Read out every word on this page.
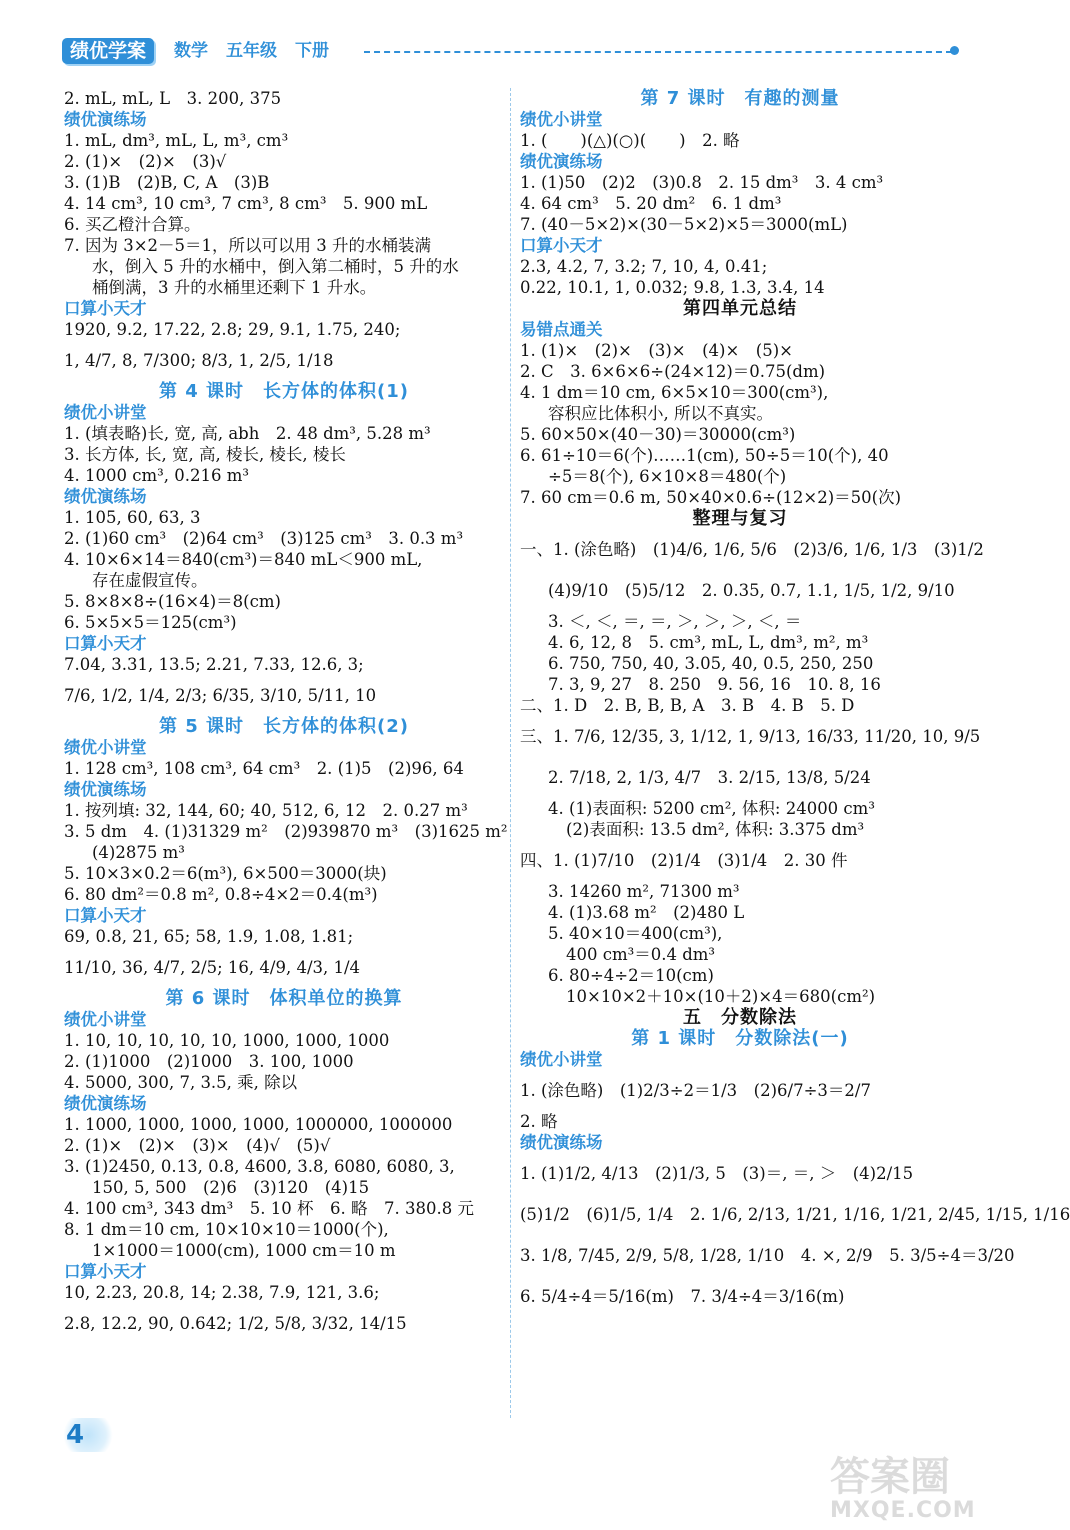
绩优学案	数学 五年级 下册
2. mL, mL, L　3. 200, 375
绩优演练场
1. mL, dm³, mL, L, m³, cm³
2. (1)×　(2)×　(3)√
3. (1)B　(2)B, C, A　(3)B
4. 14 cm³, 10 cm³, 7 cm³, 8 cm³　5. 900 mL
6. 买乙橙汁合算。
7. 因为 3×2－5＝1，所以可以用 3 升的水桶装满
水，倒入 5 升的水桶中，倒入第二桶时，5 升的水
桶倒满，3 升的水桶里还剩下 1 升水。
口算小天才
1920, 9.2, 17.22, 2.8; 29, 9.1, 1.75, 240;
1, 4/7, 8, 7/300; 8/3, 1, 2/5, 1/18
第 4 课时　长方体的体积(1)
绩优小讲堂
1. (填表略)长, 宽, 高, abh　2. 48 dm³, 5.28 m³
3. 长方体, 长, 宽, 高, 棱长, 棱长, 棱长
4. 1000 cm³, 0.216 m³
绩优演练场
1. 105, 60, 63, 3
2. (1)60 cm³　(2)64 cm³　(3)125 cm³　3. 0.3 m³
4. 10×6×14＝840(cm³)＝840 mL＜900 mL,
存在虚假宣传。
5. 8×8×8÷(16×4)＝8(cm)
6. 5×5×5＝125(cm³)
口算小天才
7.04, 3.31, 13.5; 2.21, 7.33, 12.6, 3;
7/6, 1/2, 1/4, 2/3; 6/35, 3/10, 5/11, 10
第 5 课时　长方体的体积(2)
绩优小讲堂
1. 128 cm³, 108 cm³, 64 cm³　2. (1)5　(2)96, 64
绩优演练场
1. 按列填: 32, 144, 60; 40, 512, 6, 12　2. 0.27 m³
3. 5 dm　4. (1)31329 m²　(2)939870 m³　(3)1625 m²
(4)2875 m³
5. 10×3×0.2＝6(m³), 6×500＝3000(块)
6. 80 dm²＝0.8 m², 0.8÷4×2＝0.4(m³)
口算小天才
69, 0.8, 21, 65; 58, 1.9, 1.08, 1.81;
11/10, 36, 4/7, 2/5; 16, 4/9, 4/3, 1/4
第 6 课时　体积单位的换算
绩优小讲堂
1. 10, 10, 10, 10, 10, 1000, 1000, 1000
2. (1)1000　(2)1000　3. 100, 1000
4. 5000, 300, 7, 3.5, 乘, 除以
绩优演练场
1. 1000, 1000, 1000, 1000, 1000000, 1000000
2. (1)×　(2)×　(3)×　(4)√　(5)√
3. (1)2450, 0.13, 0.8, 4600, 3.8, 6080, 6080, 3,
150, 5, 500　(2)6　(3)120　(4)15
4. 100 cm³, 343 dm³　5. 10 杯　6. 略　7. 380.8 元
8. 1 dm＝10 cm, 10×10×10＝1000(个),
1×1000＝1000(cm), 1000 cm＝10 m
口算小天才
10, 2.23, 20.8, 14; 2.38, 7.9, 121, 3.6;
2.8, 12.2, 90, 0.642; 1/2, 5/8, 3/32, 14/15
第 7 课时　有趣的测量
绩优小讲堂
1. (　　)(△)(○)(　　)　2. 略
绩优演练场
1. (1)50　(2)2　(3)0.8　2. 15 dm³　3. 4 cm³
4. 64 cm³　5. 20 dm²　6. 1 dm³
7. (40－5×2)×(30－5×2)×5＝3000(mL)
口算小天才
2.3, 4.2, 7, 3.2; 7, 10, 4, 0.41;
0.22, 10.1, 1, 0.032; 9.8, 1.3, 3.4, 14
第四单元总结
易错点通关
1. (1)×　(2)×　(3)×　(4)×　(5)×
2. C　3. 6×6×6÷(24×12)＝0.75(dm)
4. 1 dm＝10 cm, 6×5×10＝300(cm³),
容积应比体积小, 所以不真实。
5. 60×50×(40－30)＝30000(cm³)
6. 61÷10＝6(个)……1(cm), 50÷5＝10(个), 40
÷5＝8(个), 6×10×8＝480(个)
7. 60 cm＝0.6 m, 50×40×0.6÷(12×2)＝50(次)
整理与复习
一、1. (涂色略)　(1)4/6, 1/6, 5/6　(2)3/6, 1/6, 1/3　(3)1/2
(4)9/10　(5)5/12　2. 0.35, 0.7, 1.1, 1/5, 1/2, 9/10
3. ＜, ＜, ＝, ＝, ＞, ＞, ＞, ＜, ＝
4. 6, 12, 8　5. cm³, mL, L, dm³, m², m³
6. 750, 750, 40, 3.05, 40, 0.5, 250, 250
7. 3, 9, 27　8. 250　9. 56, 16　10. 8, 16
二、1. D　2. B, B, B, A　3. B　4. B　5. D
三、1. 7/6, 12/35, 3, 1/12, 1, 9/13, 16/33, 11/20, 10, 9/5
2. 7/18, 2, 1/3, 4/7　3. 2/15, 13/8, 5/24
4. (1)表面积: 5200 cm², 体积: 24000 cm³
(2)表面积: 13.5 dm², 体积: 3.375 dm³
四、1. (1)7/10　(2)1/4　(3)1/4　2. 30 件
3. 14260 m², 71300 m³
4. (1)3.68 m²　(2)480 L
5. 40×10＝400(cm³),
400 cm³＝0.4 dm³
6. 80÷4÷2＝10(cm)
10×10×2＋10×(10＋2)×4＝680(cm²)
五　分数除法
第 1 课时　分数除法(一)
绩优小讲堂
1. (涂色略)　(1)2/3÷2＝1/3　(2)6/7÷3＝2/7
2. 略
绩优演练场
1. (1)1/2, 4/13　(2)1/3, 5　(3)＝, ＝, ＞　(4)2/15
(5)1/2　(6)1/5, 1/4　2. 1/6, 2/13, 1/21, 1/16, 1/21, 2/45, 1/15, 1/16
3. 1/8, 7/45, 2/9, 5/8, 1/28, 1/10　4. ×, 2/9　5. 3/5÷4＝3/20
6. 5/4÷4＝5/16(m)　7. 3/4÷4＝3/16(m)
4
答案圈
MXQE.COM
